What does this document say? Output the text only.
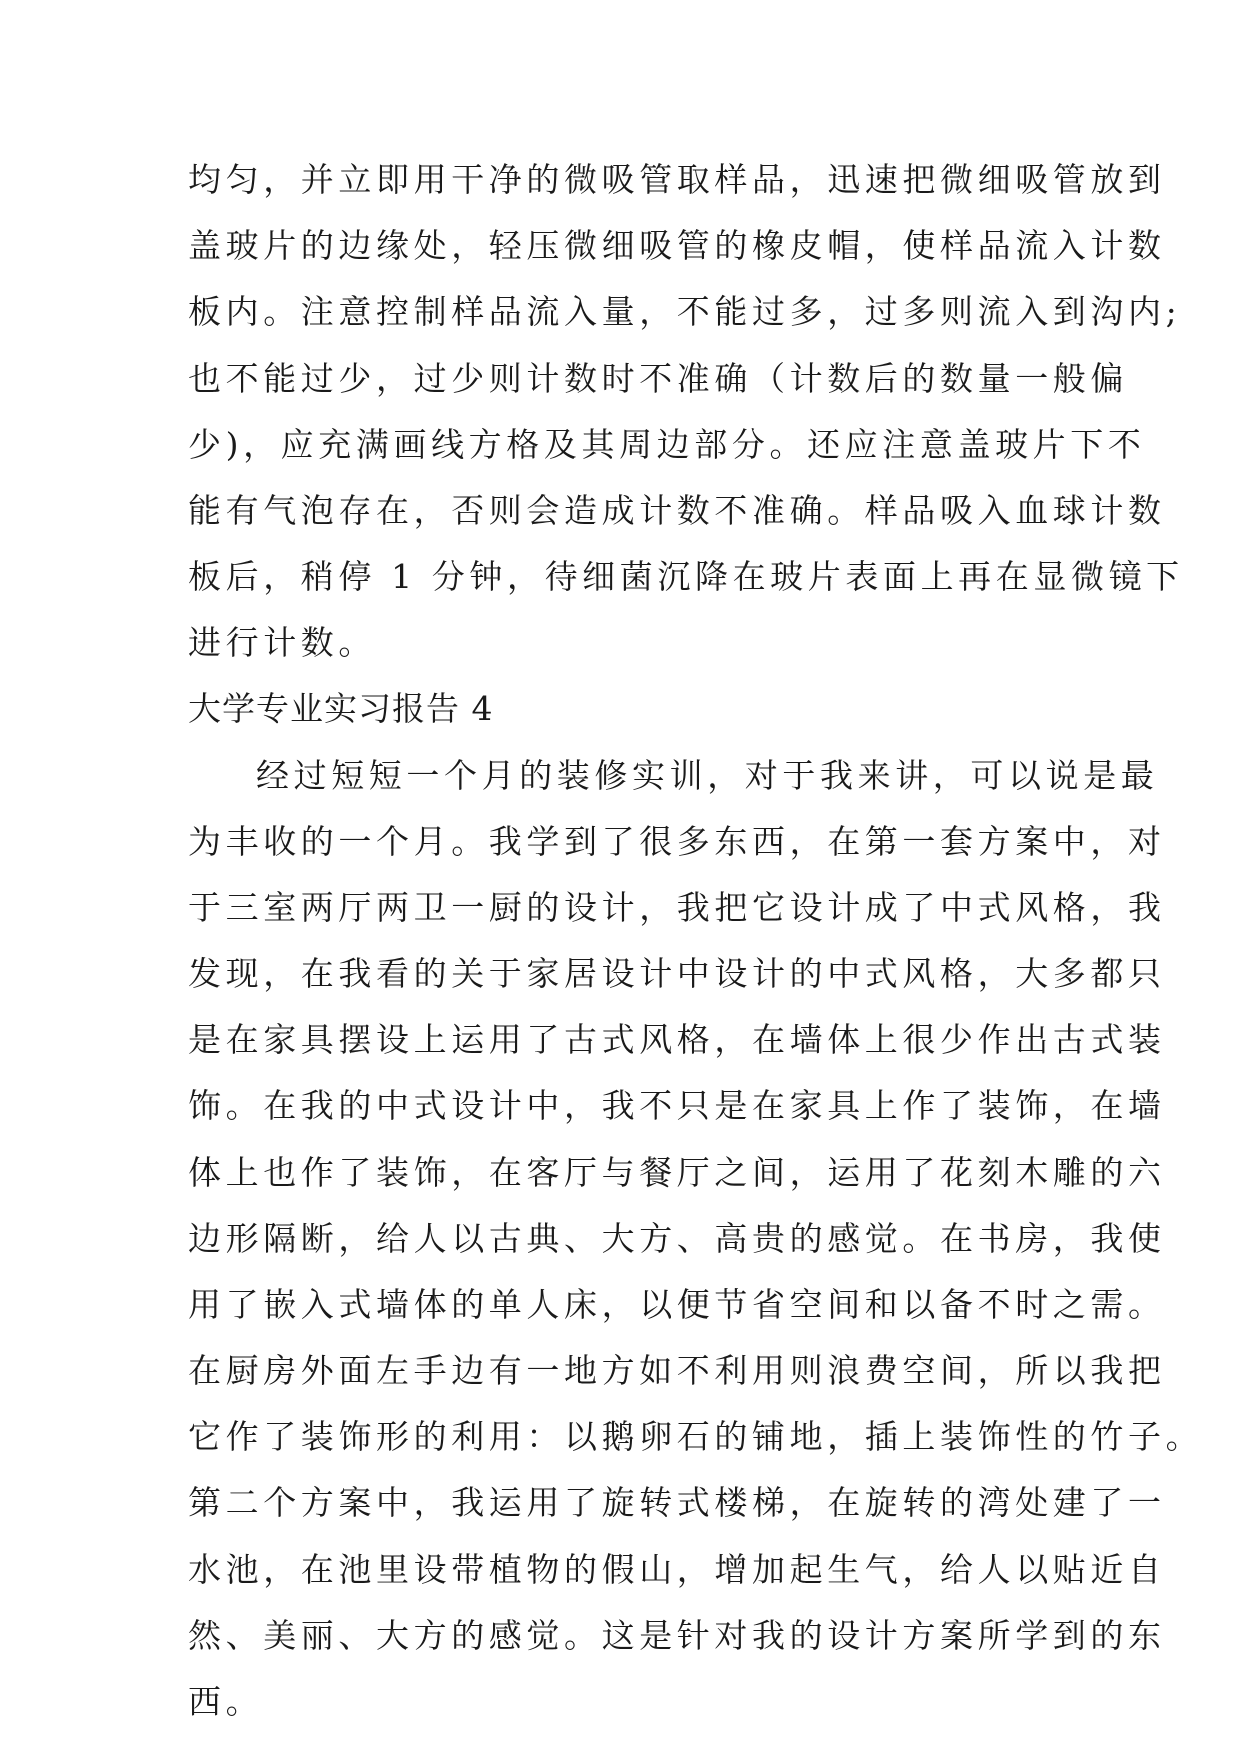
均匀，并立即用干净的微吸管取样品，迅速把微细吸管放到
盖玻片的边缘处，轻压微细吸管的橡皮帽，使样品流入计数
板内。注意控制样品流入量，不能过多，过多则流入到沟内;
也不能过少，过少则计数时不准确（计数后的数量一般偏
少)，应充满画线方格及其周边部分。还应注意盖玻片下不
能有气泡存在，否则会造成计数不准确。样品吸入血球计数
板后，稍停 1 分钟，待细菌沉降在玻片表面上再在显微镜下
进行计数。
大学专业实习报告 4
经过短短一个月的装修实训，对于我来讲，可以说是最
为丰收的一个月。我学到了很多东西，在第一套方案中，对
于三室两厅两卫一厨的设计，我把它设计成了中式风格，我
发现，在我看的关于家居设计中设计的中式风格，大多都只
是在家具摆设上运用了古式风格，在墙体上很少作出古式装
饰。在我的中式设计中，我不只是在家具上作了装饰，在墙
体上也作了装饰，在客厅与餐厅之间，运用了花刻木雕的六
边形隔断，给人以古典、大方、高贵的感觉。在书房，我使
用了嵌入式墙体的单人床，以便节省空间和以备不时之需。
在厨房外面左手边有一地方如不利用则浪费空间，所以我把
它作了装饰形的利用：以鹅卵石的铺地，插上装饰性的竹子。
第二个方案中，我运用了旋转式楼梯，在旋转的湾处建了一
水池，在池里设带植物的假山，增加起生气，给人以贴近自
然、美丽、大方的感觉。这是针对我的设计方案所学到的东
西。
